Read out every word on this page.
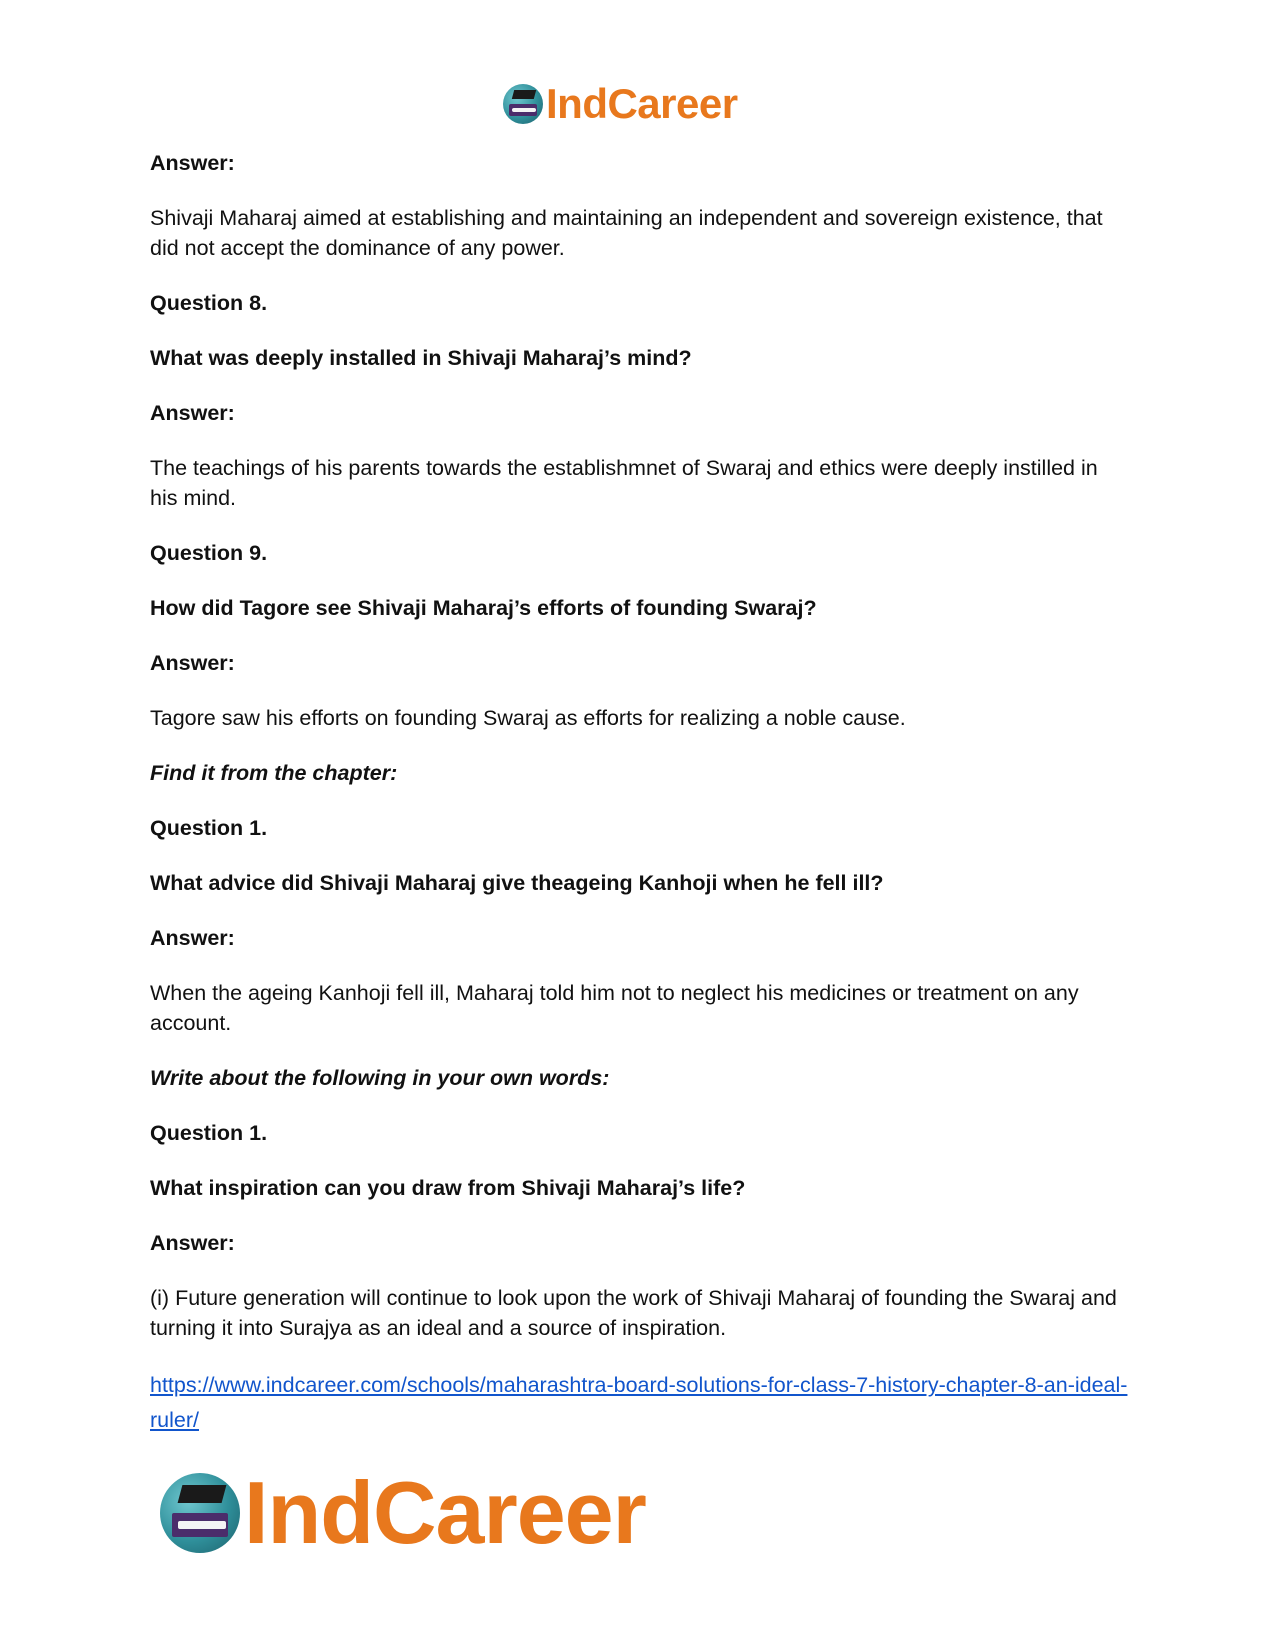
IndCareer

Answer:

Shivaji Maharaj aimed at establishing and maintaining an independent and sovereign existence, that did not accept the dominance of any power.

Question 8.

What was deeply installed in Shivaji Maharaj’s mind?

Answer:

The teachings of his parents towards the establishmnet of Swaraj and ethics were deeply instilled in his mind.

Question 9.

How did Tagore see Shivaji Maharaj’s efforts of founding Swaraj?

Answer:

Tagore saw his efforts on founding Swaraj as efforts for realizing a noble cause.

Find it from the chapter:

Question 1.

What advice did Shivaji Maharaj give theageing Kanhoji when he fell ill?

Answer:

When the ageing Kanhoji fell ill, Maharaj told him not to neglect his medicines or treatment on any account.

Write about the following in your own words:

Question 1.

What inspiration can you draw from Shivaji Maharaj’s life?

Answer:

(i) Future generation will continue to look upon the work of Shivaji Maharaj of founding the Swaraj and turning it into Surajya as an ideal and a source of inspiration.

https://www.indcareer.com/schools/maharashtra-board-solutions-for-class-7-history-chapter-8-an-ideal-ruler/
IndCareer
